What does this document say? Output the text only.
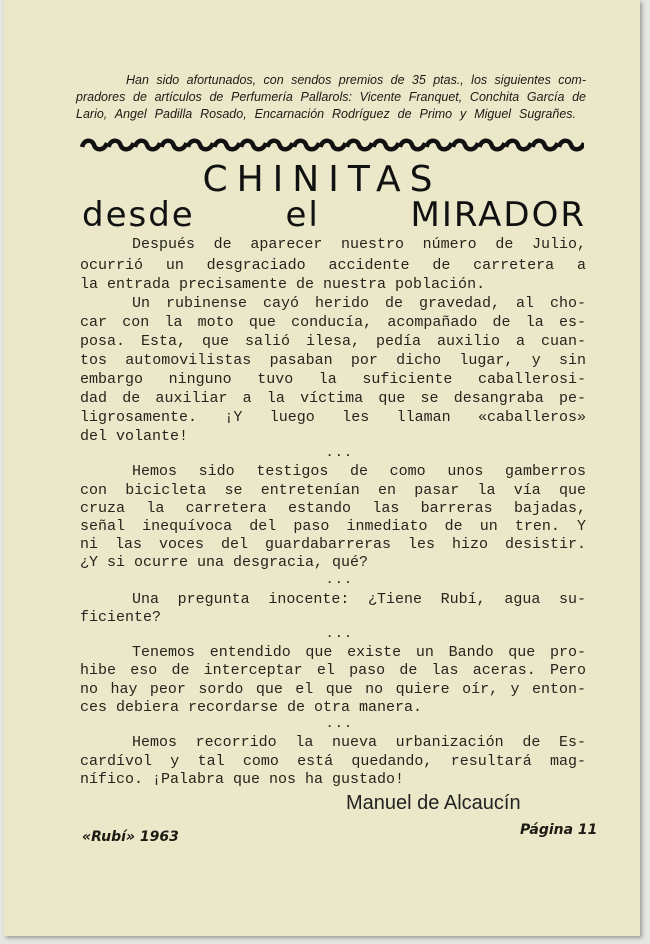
Han sido afortunados, con sendos premios de 35 ptas., los siguientes com-
pradores de artículos de Perfumería Pallarols: Vicente Franquet, Conchita García de
Lario, Angel Padilla Rosado, Encarnación Rodríguez de Primo y Miguel Sugrañes.
CHINITAS
desde el MIRADOR
Después de aparecer nuestro número de Julio,
ocurrió un desgraciado accidente de carretera a
la entrada precisamente de nuestra población.
Un rubinense cayó herido de gravedad, al cho-
car con la moto que conducía, acompañado de la es-
posa. Esta, que salió ilesa, pedía auxilio a cuan-
tos automovilistas pasaban por dicho lugar, y sin
embargo ninguno tuvo la suficiente caballerosi-
dad de auxiliar a la víctima que se desangraba pe-
ligrosamente. ¡Y luego les llaman «caballeros»
del volante!
Hemos sido testigos de como unos gamberros
con bicicleta se entretenían en pasar la vía que
cruza la carretera estando las barreras bajadas,
señal inequívoca del paso inmediato de un tren. Y
ni las voces del guardabarreras les hizo desistir.
¿Y si ocurre una desgracia, qué?
Una pregunta inocente: ¿Tiene Rubí, agua su-
ficiente?
Tenemos entendido que existe un Bando que pro-
hibe eso de interceptar el paso de las aceras. Pero
no hay peor sordo que el que no quiere oír, y enton-
ces debiera recordarse de otra manera.
Hemos recorrido la nueva urbanización de Es-
cardívol y tal como está quedando, resultará mag-
nífico. ¡Palabra que nos ha gustado!
...
...
...
...
Manuel de Alcaucín
«Rubí» 1963	Página 11
